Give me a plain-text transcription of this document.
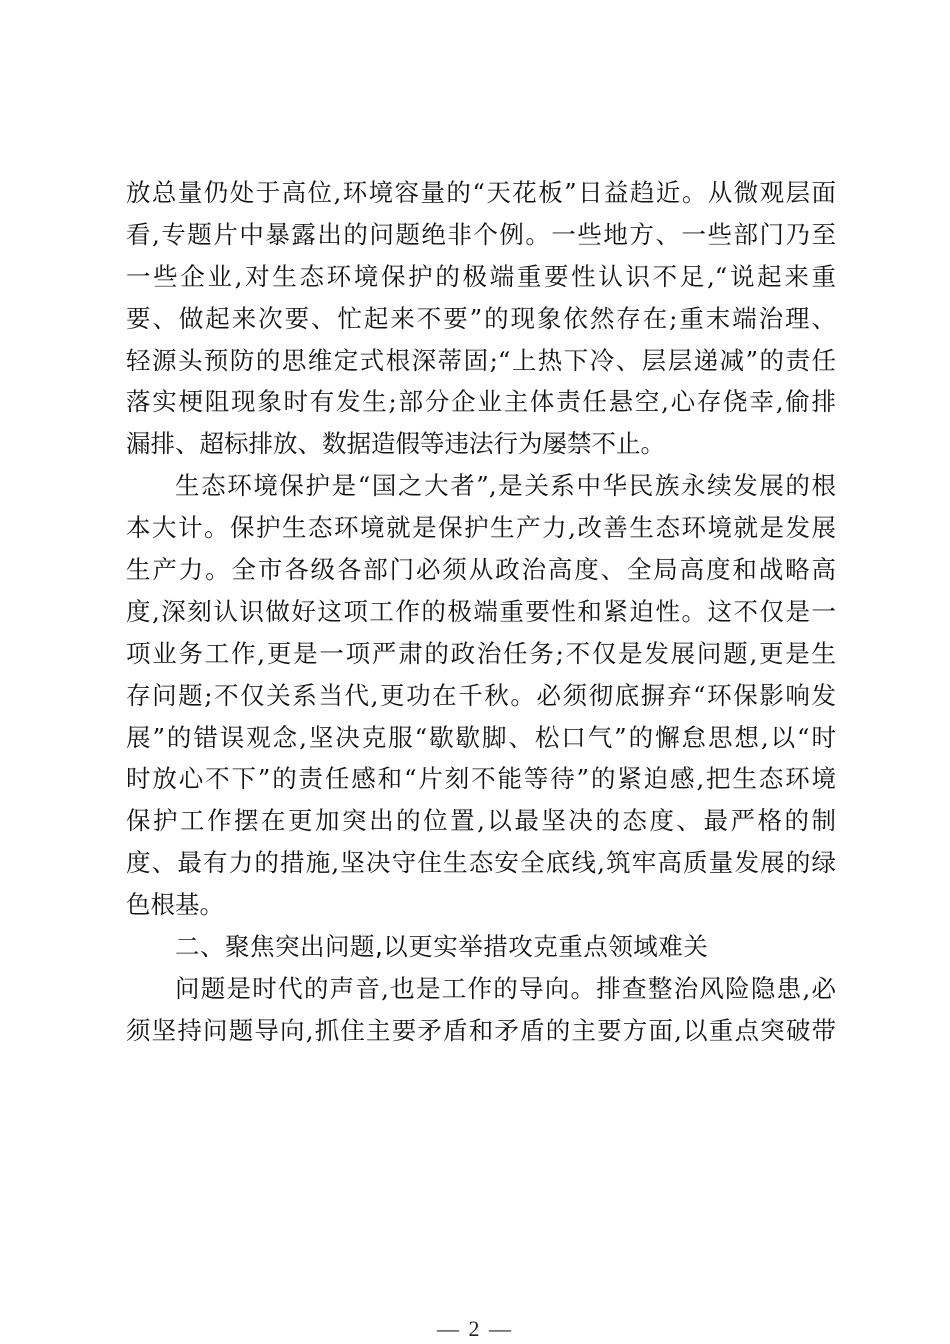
放总量仍处于高位,环境容量的“天花板”日益趋近。从微观层面
看,专题片中暴露出的问题绝非个例。一些地方、一些部门乃至
一些企业,对生态环境保护的极端重要性认识不足,“说起来重
要、做起来次要、忙起来不要”的现象依然存在;重末端治理、
轻源头预防的思维定式根深蒂固;“上热下冷、层层递减”的责任
落实梗阻现象时有发生;部分企业主体责任悬空,心存侥幸,偷排
漏排、超标排放、数据造假等违法行为屡禁不止。
生态环境保护是“国之大者”,是关系中华民族永续发展的根
本大计。保护生态环境就是保护生产力,改善生态环境就是发展
生产力。全市各级各部门必须从政治高度、全局高度和战略高
度,深刻认识做好这项工作的极端重要性和紧迫性。这不仅是一
项业务工作,更是一项严肃的政治任务;不仅是发展问题,更是生
存问题;不仅关系当代,更功在千秋。必须彻底摒弃“环保影响发
展”的错误观念,坚决克服“歇歇脚、松口气”的懈怠思想,以“时
时放心不下”的责任感和“片刻不能等待”的紧迫感,把生态环境
保护工作摆在更加突出的位置,以最坚决的态度、最严格的制
度、最有力的措施,坚决守住生态安全底线,筑牢高质量发展的绿
色根基。
二、聚焦突出问题,以更实举措攻克重点领域难关
问题是时代的声音,也是工作的导向。排查整治风险隐患,必
须坚持问题导向,抓住主要矛盾和矛盾的主要方面,以重点突破带
— 2 —
